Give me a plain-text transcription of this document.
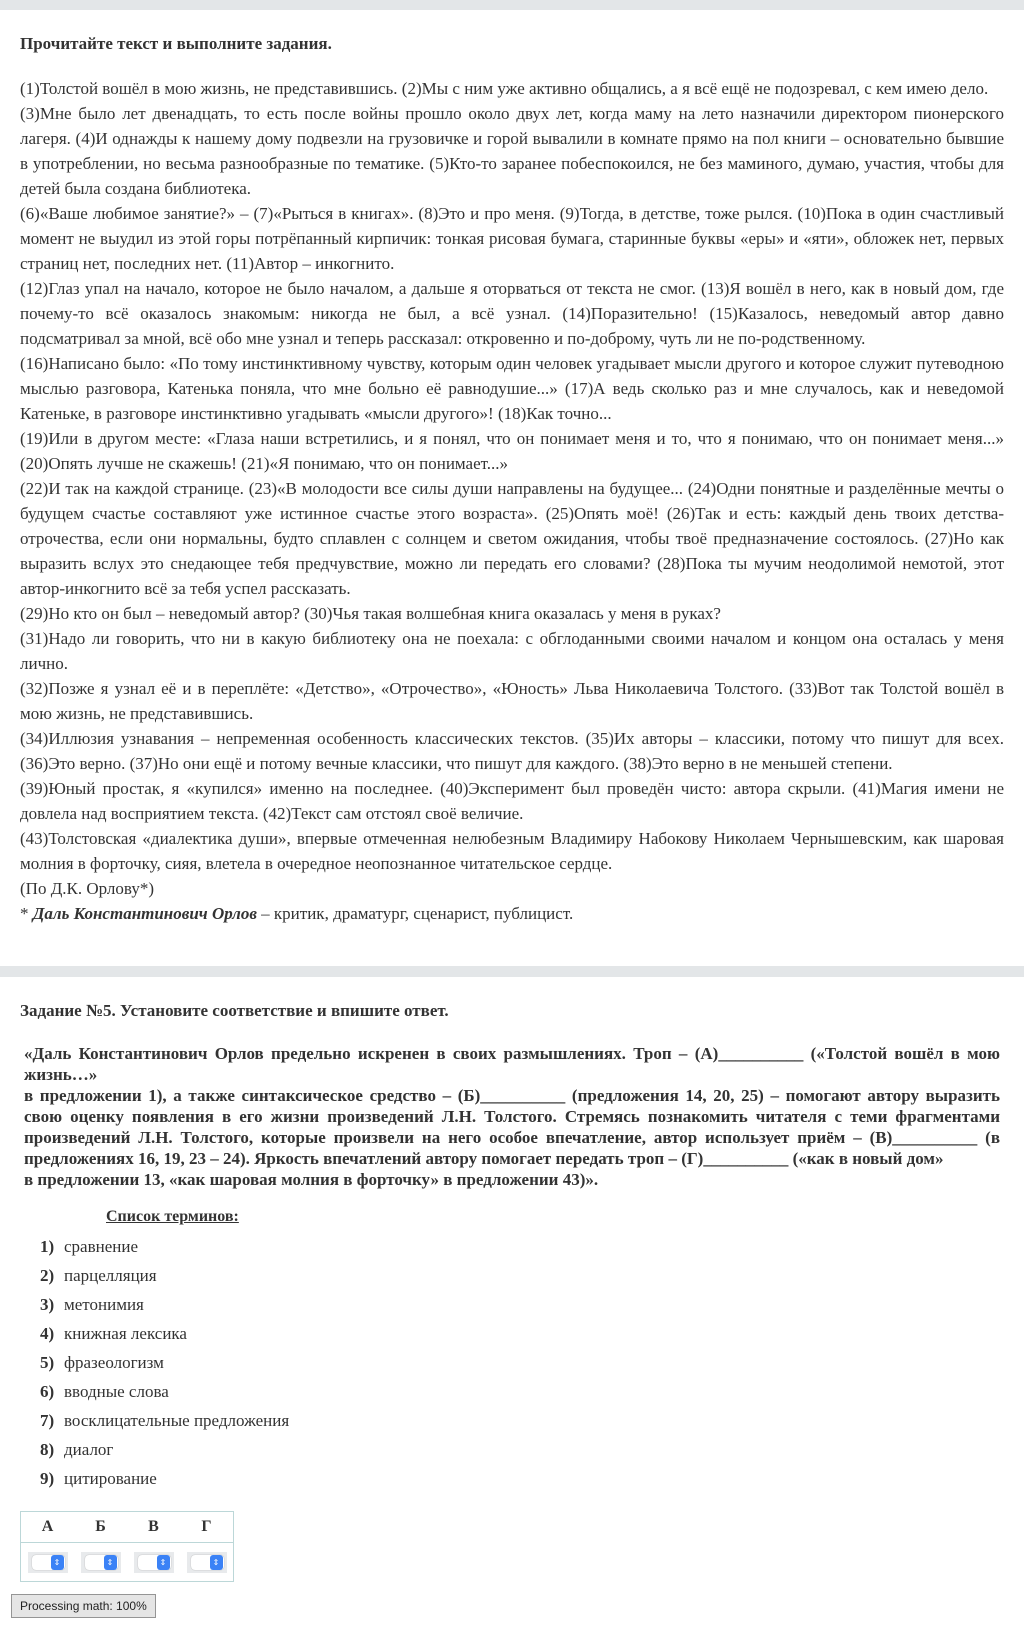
Прочитайте текст и выполните задания.

(1)Толстой вошёл в мою жизнь, не представившись. (2)Мы с ним уже активно общались, а я всё ещё не подозревал, с кем имею дело.

(3)Мне было лет двенадцать, то есть после войны прошло около двух лет, когда маму на лето назначили директором пионерского лагеря. (4)И однажды к нашему дому подвезли на грузовичке и горой вывалили в комнате прямо на пол книги – основательно бывшие в употреблении, но весьма разнообразные по тематике. (5)Кто-то заранее побеспокоился, не без маминого, думаю, участия, чтобы для детей была создана библиотека.

(6)«Ваше любимое занятие?» – (7)«Рыться в книгах». (8)Это и про меня. (9)Тогда, в детстве, тоже рылся. (10)Пока в один счастливый момент не выудил из этой горы потрёпанный кирпичик: тонкая рисовая бумага, старинные буквы «еры» и «яти», обложек нет, первых страниц нет, последних нет. (11)Автор – инкогнито.

(12)Глаз упал на начало, которое не было началом, а дальше я оторваться от текста не смог. (13)Я вошёл в него, как в новый дом, где почему-то всё оказалось знакомым: никогда не был, а всё узнал. (14)Поразительно! (15)Казалось, неведомый автор давно подсматривал за мной, всё обо мне узнал и теперь рассказал: откровенно и по-доброму, чуть ли не по-родственному.

(16)Написано было: «По тому инстинктивному чувству, которым один человек угадывает мысли другого и которое служит путеводною мыслью разговора, Катенька поняла, что мне больно её равнодушие...» (17)А ведь сколько раз и мне случалось, как и неведомой Катеньке, в разговоре инстинктивно угадывать «мысли другого»! (18)Как точно...

(19)Или в другом месте: «Глаза наши встретились, и я понял, что он понимает меня и то, что я понимаю, что он понимает меня...» (20)Опять лучше не скажешь! (21)«Я понимаю, что он понимает...»

(22)И так на каждой странице. (23)«В молодости все силы души направлены на будущее... (24)Одни понятные и разделённые мечты о будущем счастье составляют уже истинное счастье этого возраста». (25)Опять моё! (26)Так и есть: каждый день твоих детства-отрочества, если они нормальны, будто сплавлен с солнцем и светом ожидания, чтобы твоё предназначение состоялось. (27)Но как выразить вслух это снедающее тебя предчувствие, можно ли передать его словами? (28)Пока ты мучим неодолимой немотой, этот автор-инкогнито всё за тебя успел рассказать.

(29)Но кто он был – неведомый автор? (30)Чья такая волшебная книга оказалась у меня в руках?

(31)Надо ли говорить, что ни в какую библиотеку она не поехала: с обглоданными своими началом и концом она осталась у меня лично.

(32)Позже я узнал её и в переплёте: «Детство», «Отрочество», «Юность» Льва Николаевича Толстого. (33)Вот так Толстой вошёл в мою жизнь, не представившись.

(34)Иллюзия узнавания – непременная особенность классических текстов. (35)Их авторы – классики, потому что пишут для всех. (36)Это верно. (37)Но они ещё и потому вечные классики, что пишут для каждого. (38)Это верно в не меньшей степени.

(39)Юный простак, я «купился» именно на последнее. (40)Эксперимент был проведён чисто: автора скрыли. (41)Магия имени не довлела над восприятием текста. (42)Текст сам отстоял своё величие.

(43)Толстовская «диалектика души», впервые отмеченная нелюбезным Владимиру Набокову Николаем Чернышевским, как шаровая молния в форточку, сияя, влетела в очередное неопознанное читательское сердце.

(По Д.К. Орлову*)

* Даль Константинович Орлов – критик, драматург, сценарист, публицист.

Задание №5. Установите соответствие и впишите ответ.

«Даль Константинович Орлов предельно искренен в своих размышлениях. Троп – (А)__________ («Толстой вошёл в мою жизнь…»

в предложении 1), а также синтаксическое средство – (Б)__________ (предложения 14, 20, 25) – помогают автору выразить свою оценку появления в его жизни произведений Л.Н. Толстого. Стремясь познакомить читателя с теми фрагментами произведений Л.Н. Толстого, которые произвели на него особое впечатление, автор использует приём – (В)__________ (в предложениях 16, 19, 23 – 24). Яркость впечатлений автору помогает передать троп – (Г)__________ («как в новый дом»

в предложении 13, «как шаровая молния в форточку» в предложении 43)».

Список терминов:
1) сравнение
2) парцелляция
3) метонимия
4) книжная лексика
5) фразеологизм
6) вводные слова
7) восклицательные предложения
8) диалог
9) цитирование
А	Б	В	Г

⇕	⇕	⇕	⇕
Processing math: 100%
